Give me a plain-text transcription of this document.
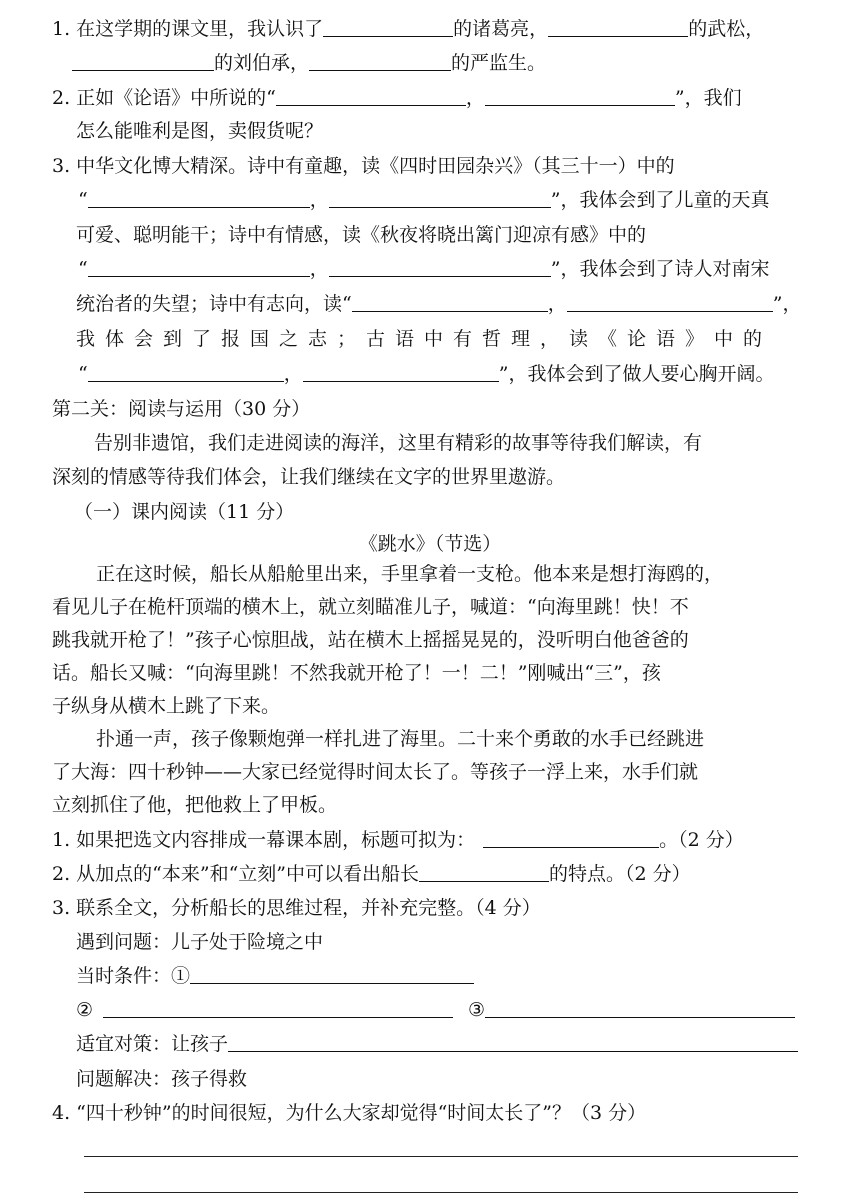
1. 在这学期的课文里，我认识了	的诸葛亮，	的武松，
的刘伯承，	的严监生。
2. 正如《论语》中所说的“	，	”，我们
怎么能唯利是图，卖假货呢？
3. 中华文化博大精深。诗中有童趣，读《四时田园杂兴》（其三十一）中的
“	，	”，我体会到了儿童的天真
可爱、聪明能干；诗中有情感，读《秋夜将晓出篱门迎凉有感》中的
“	，	”，我体会到了诗人对南宋
统治者的失望；诗中有志向，读“	，	”，
我体会到了报国之志；古语中有哲理，读《论语》中的
“	，	”，我体会到了做人要心胸开阔。
第二关：阅读与运用（30 分）
告别非遗馆，我们走进阅读的海洋，这里有精彩的故事等待我们解读，有
深刻的情感等待我们体会，让我们继续在文字的世界里遨游。
（一）课内阅读（11 分）
《跳水》（节选）
正在这时候，船长从船舱里出来，手里拿着一支枪。他本来是想打海鸥的，
看见儿子在桅杆顶端的横木上，就立刻瞄准儿子，喊道：“向海里跳！快！不
跳我就开枪了！”孩子心惊胆战，站在横木上摇摇晃晃的，没听明白他爸爸的
话。船长又喊：“向海里跳！不然我就开枪了！一！二！”刚喊出“三”，孩
子纵身从横木上跳了下来。
扑通一声，孩子像颗炮弹一样扎进了海里。二十来个勇敢的水手已经跳进
了大海：四十秒钟——大家已经觉得时间太长了。等孩子一浮上来，水手们就
立刻抓住了他，把他救上了甲板。
1. 如果把选文内容排成一幕课本剧，标题可拟为：	。（2 分）
2. 从加点的“本来”和“立刻”中可以看出船长	的特点。（2 分）
3. 联系全文，分析船长的思维过程，并补充完整。（4 分）
遇到问题：儿子处于险境之中
当时条件：①
②	③
适宜对策：让孩子
问题解决：孩子得救
4. “四十秒钟”的时间很短，为什么大家却觉得“时间太长了”？（3 分）
